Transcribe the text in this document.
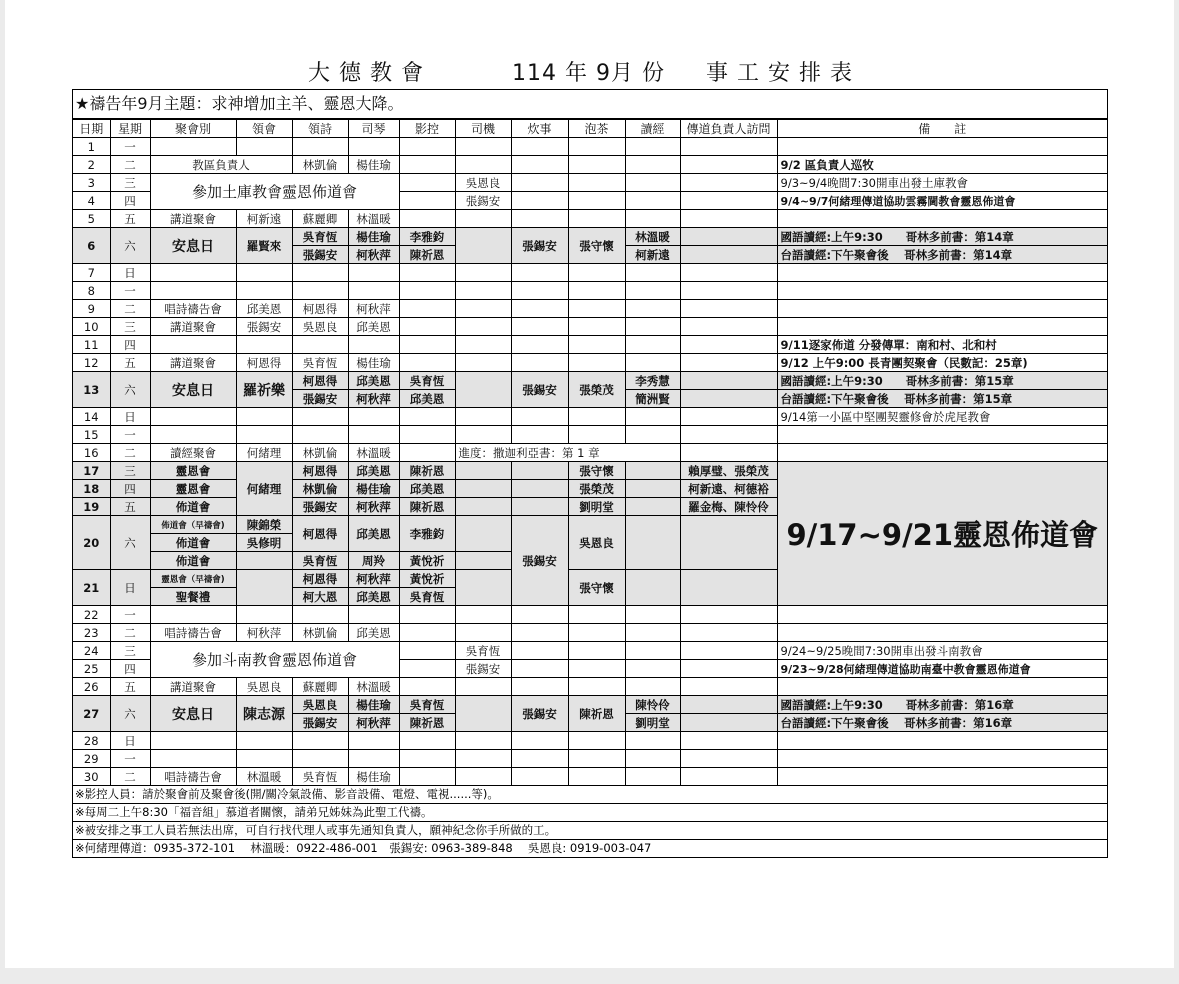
大德教會	114 年 9月 份 事工安排表
★禱告年9月主題：求神增加主羊、靈恩大降。
日期	星期	聚會別	領會	領詩	司琴	影控	司機	炊事	泡茶	讀經	傳道負責人訪問	備　　註
1	一											
2	二	教區負責人		林凱倫	楊佳瑜							9/2 區負責人巡牧
3	三	參加土庫教會靈恩佈道會					吳恩良					9/3~9/4晚間7:30開車出發土庫教會
4	四						張錫安					9/4~9/7何緒理傳道協助雲霧閫教會靈恩佈道會
5	五	講道聚會	柯新遠	蘇麗卿	林溫暖							
6	六	安息日	羅賢來	吳育恆	楊佳瑜	李雅鈞		張錫安	張守懷	林溫暖		國語讀經:上午9:30　　哥林多前書：第14章
				張錫安	柯秋萍	陳祈恩				柯新遠		台語讀經:下午聚會後　 哥林多前書：第14章
7	日											
8	一											
9	二	唱詩禱告會	邱美恩	柯恩得	柯秋萍							
10	三	講道聚會	張錫安	吳恩良	邱美恩							
11	四											9/11逐家佈道 分發傳單：南和村、北和村
12	五	講道聚會	柯恩得	吳育恆	楊佳瑜							9/12 上午9:00 長青團契聚會（民數記：25章)
13	六	安息日	羅祈樂	柯恩得	邱美恩	吳育恆		張錫安	張榮茂	李秀慧		國語讀經:上午9:30　　哥林多前書：第15章
				張錫安	柯秋萍	邱美恩				簡洲賢		台語讀經:下午聚會後　 哥林多前書：第15章
14	日											9/14第一小區中堅團契靈修會於虎尾教會
15	一											
16	二	讀經聚會	何緒理	林凱倫	林溫暖		進度：撒迦利亞書：第 1 章					
17	三	靈恩會	何緒理	柯恩得	邱美恩	陳祈恩			張守懷		賴厚璧、張榮茂	9/17~9/21靈恩佈道會
18	四	靈恩會		林凱倫	楊佳瑜	邱美恩			張榮茂		柯新遠、柯德裕	
19	五	佈道會		張錫安	柯秋萍	陳祈恩			劉明堂		羅金梅、陳怜伶	
20	六	佈道會（早禱會)	陳錦榮	柯恩得	邱美恩	李雅鈞		張錫安	吳恩良			
		佈道會	吳修明									
		佈道會		吳育恆	周羚	黃悅祈						
21	日	靈恩會（早禱會)		柯恩得	柯秋萍	黃悅祈			張守懷			
		聖餐禮		柯大恩	邱美恩	吳育恆						
22	一											
23	二	唱詩禱告會	柯秋萍	林凱倫	邱美恩							
24	三	參加斗南教會靈恩佈道會					吳育恆					9/24~9/25晚間7:30開車出發斗南教會
25	四						張錫安					9/23~9/28何緒理傳道協助南臺中教會靈恩佈道會
26	五	講道聚會	吳恩良	蘇麗卿	林溫暖							
27	六	安息日	陳志源	吳恩良	楊佳瑜	吳育恆		張錫安	陳祈恩	陳怜伶		國語讀經:上午9:30　　哥林多前書：第16章
				張錫安	柯秋萍	陳祈恩				劉明堂		台語讀經:下午聚會後　 哥林多前書：第16章
28	日											
29	一											
30	二	唱詩禱告會	林溫暖	吳育恆	楊佳瑜							
※影控人員：請於聚會前及聚會後(開/關冷氣設備、影音設備、電燈、電視......等)。
※每周二上午8:30「福音組」慕道者關懷，請弟兄姊妹為此聖工代禱。
※被安排之事工人員若無法出席，可自行找代理人或事先通知負責人，願神紀念你手所做的工。
※何緒理傳道：0935-372-101　 林溫暖：0922-486-001　張錫安: 0963-389-848　 吳恩良: 0919-003-047
